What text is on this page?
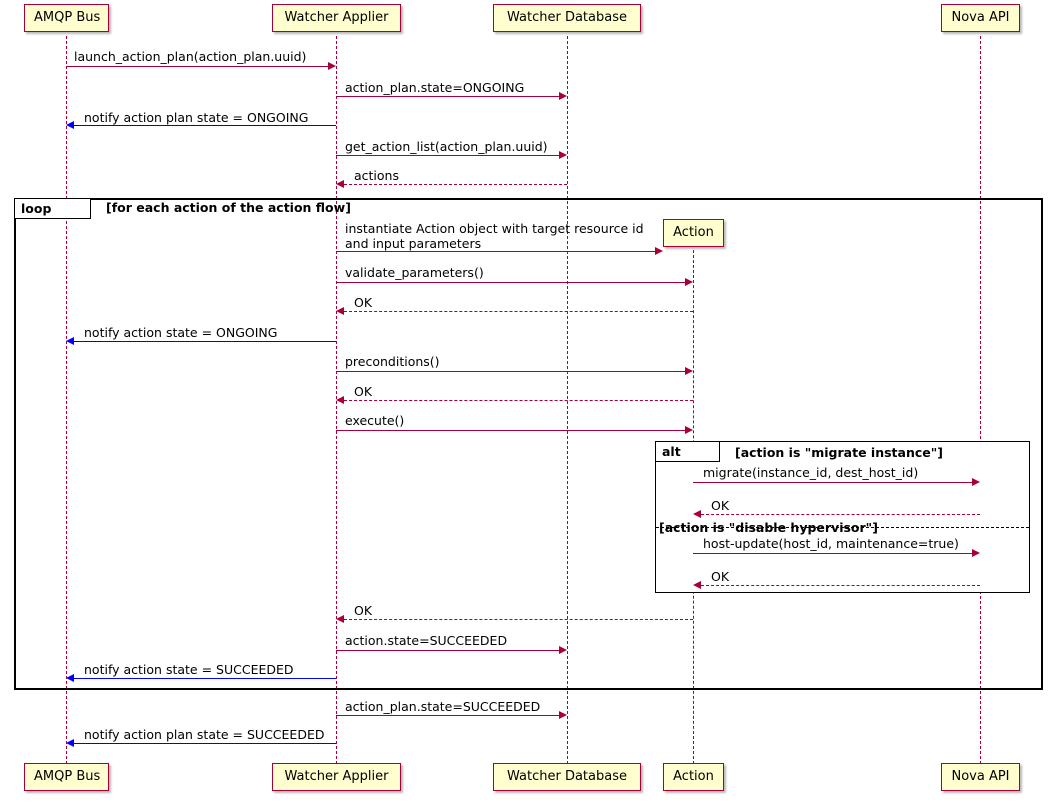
loop	[for each action of the action flow]
alt	[action is "migrate instance"]
[action is "disable hypervisor"]
AMQP Bus	Watcher Applier	Watcher Database	Nova API
Action
AMQP Bus	Watcher Applier	Watcher Database	Action	Nova API
launch_action_plan(action_plan.uuid)
action_plan.state=ONGOING
notify action plan state = ONGOING
get_action_list(action_plan.uuid)
actions
instantiate Action object with target resource id and input parameters
validate_parameters()
OK
notify action state = ONGOING
preconditions()
OK
execute()
migrate(instance_id, dest_host_id)
OK
host-update(host_id, maintenance=true)
OK
OK
action.state=SUCCEEDED
notify action state = SUCCEEDED
action_plan.state=SUCCEEDED
notify action plan state = SUCCEEDED
